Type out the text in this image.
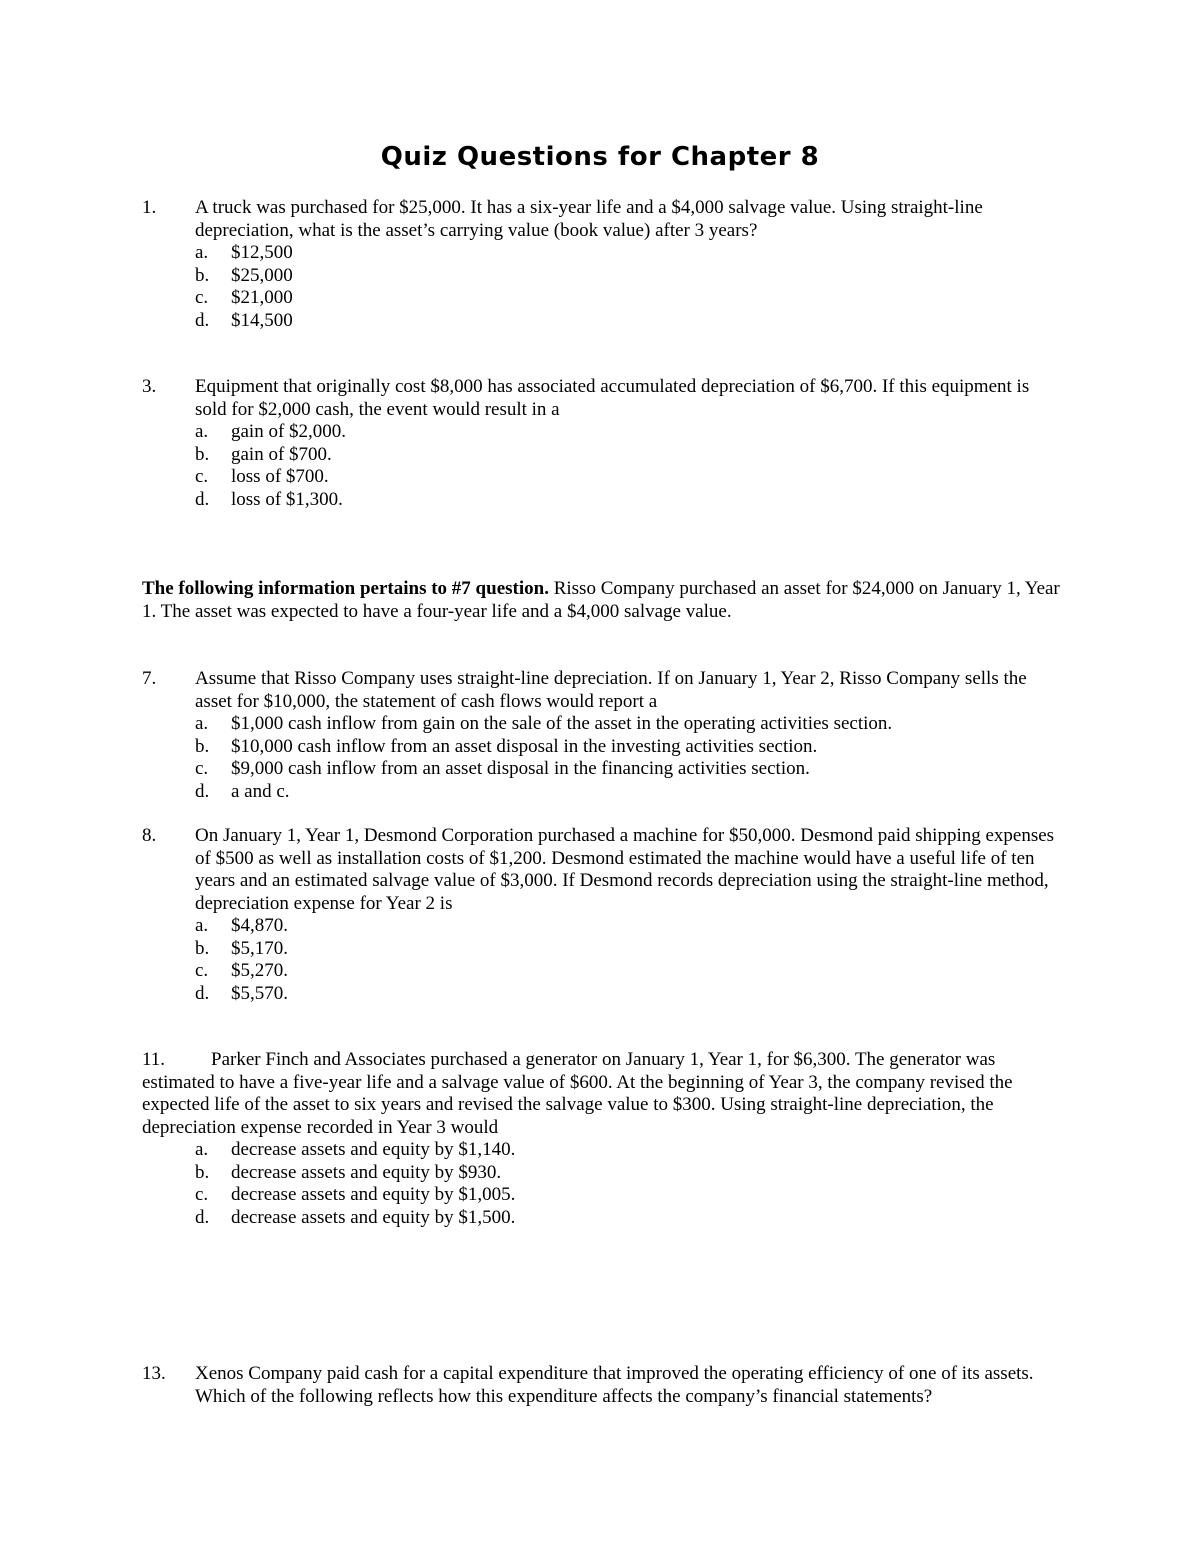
Quiz Questions for Chapter 8
1. A truck was purchased for $25,000. It has a six-year life and a $4,000 salvage value. Using straight-line depreciation, what is the asset’s carrying value (book value) after 3 years?
a. $12,500
b. $25,000
c. $21,000
d. $14,500
3. Equipment that originally cost $8,000 has associated accumulated depreciation of $6,700. If this equipment is sold for $2,000 cash, the event would result in a
a. gain of $2,000.
b. gain of $700.
c. loss of $700.
d. loss of $1,300.
The following information pertains to #7 question. Risso Company purchased an asset for $24,000 on January 1, Year 1. The asset was expected to have a four-year life and a $4,000 salvage value.
7. Assume that Risso Company uses straight-line depreciation. If on January 1, Year 2, Risso Company sells the asset for $10,000, the statement of cash flows would report a
a. $1,000 cash inflow from gain on the sale of the asset in the operating activities section.
b. $10,000 cash inflow from an asset disposal in the investing activities section.
c. $9,000 cash inflow from an asset disposal in the financing activities section.
d. a and c.
8. On January 1, Year 1, Desmond Corporation purchased a machine for $50,000. Desmond paid shipping expenses of $500 as well as installation costs of $1,200. Desmond estimated the machine would have a useful life of ten years and an estimated salvage value of $3,000. If Desmond records depreciation using the straight-line method, depreciation expense for Year 2 is
a. $4,870.
b. $5,170.
c. $5,270.
d. $5,570.
11. Parker Finch and Associates purchased a generator on January 1, Year 1, for $6,300. The generator was estimated to have a five-year life and a salvage value of $600. At the beginning of Year 3, the company revised the expected life of the asset to six years and revised the salvage value to $300. Using straight-line depreciation, the depreciation expense recorded in Year 3 would
a. decrease assets and equity by $1,140.
b. decrease assets and equity by $930.
c. decrease assets and equity by $1,005.
d. decrease assets and equity by $1,500.
13. Xenos Company paid cash for a capital expenditure that improved the operating efficiency of one of its assets. Which of the following reflects how this expenditure affects the company’s financial statements?
